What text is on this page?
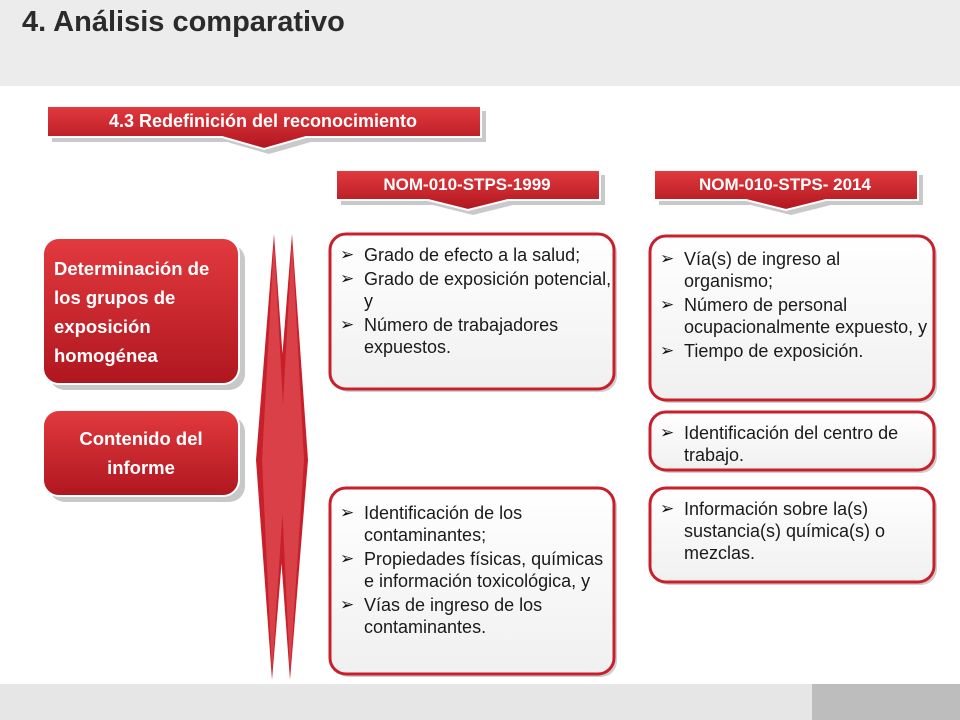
4. Análisis comparativo
4.3 Redefinición del reconocimiento
NOM-010-STPS-1999	NOM-010-STPS- 2014
Determinación de los grupos de exposición homogénea
Contenido del informe
➢ Grado de efecto a la salud;
➢ Grado de exposición potencial, y
➢ Número de trabajadores expuestos.
➢ Identificación de los contaminantes;
➢ Propiedades físicas, químicas e información toxicológica, y
➢ Vías de ingreso de los contaminantes.
➢ Vía(s) de ingreso al organismo;
➢ Número de personal ocupacionalmente expuesto, y
➢ Tiempo de exposición.
➢ Identificación del centro de trabajo.
➢ Información sobre la(s) sustancia(s) química(s) o mezclas.
